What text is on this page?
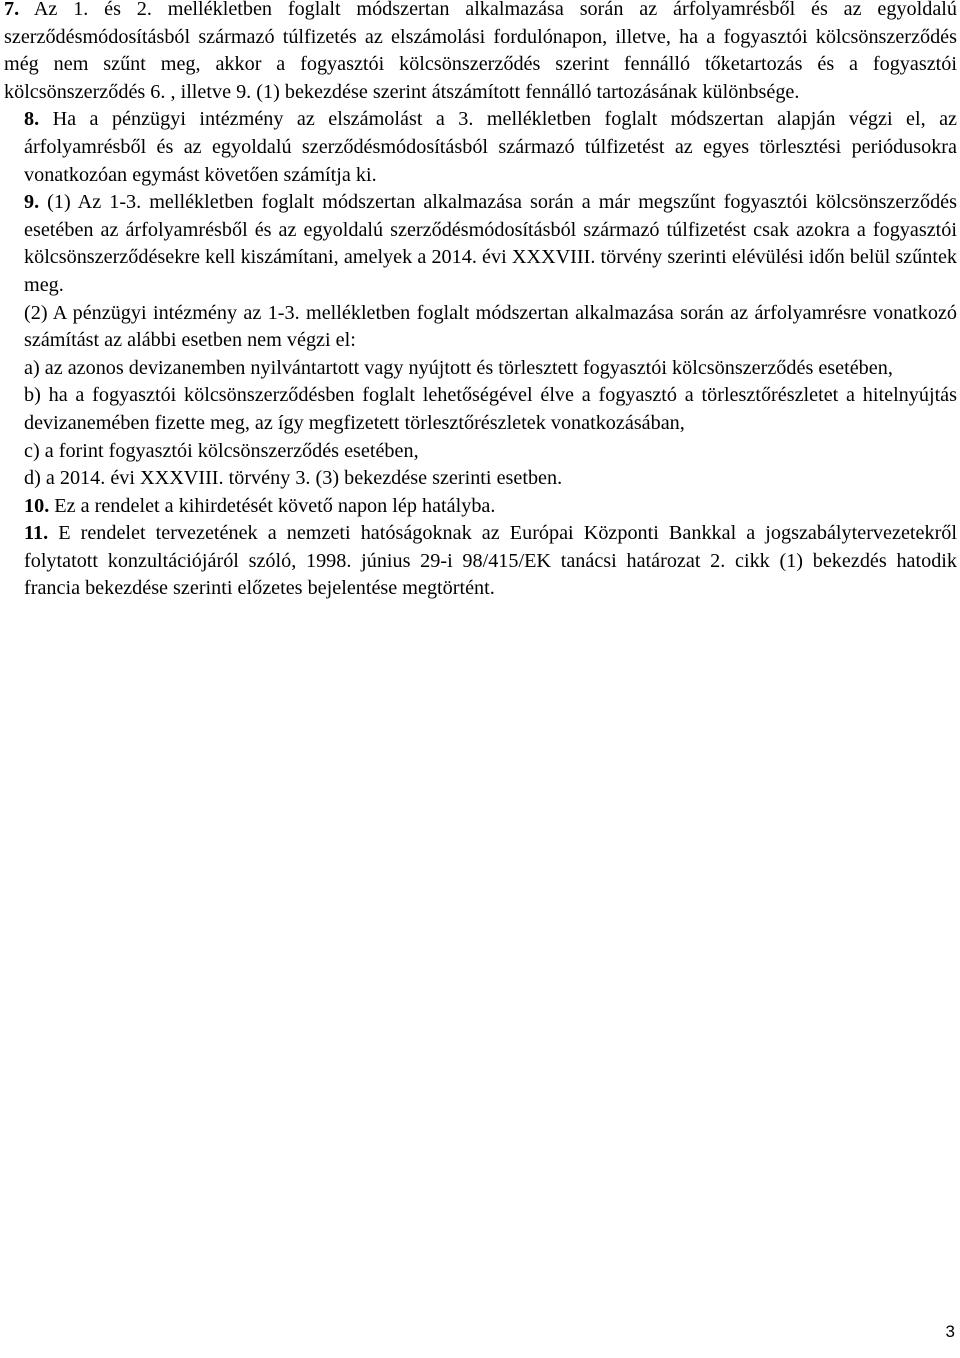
7. Az 1. és 2. mellékletben foglalt módszertan alkalmazása során az árfolyamrésből és az egyoldalú szerződésmódosításból származó túlfizetés az elszámolási fordulónapon, illetve, ha a fogyasztói kölcsönszerződés még nem szűnt meg, akkor a fogyasztói kölcsönszerződés szerint fennálló tőketartozás és a fogyasztói kölcsönszerződés 6. , illetve 9. (1) bekezdése szerint átszámított fennálló tartozásának különbsége.

8. Ha a pénzügyi intézmény az elszámolást a 3. mellékletben foglalt módszertan alapján végzi el, az árfolyamrésből és az egyoldalú szerződésmódosításból származó túlfizetést az egyes törlesztési periódusokra vonatkozóan egymást követően számítja ki.

9. (1) Az 1-3. mellékletben foglalt módszertan alkalmazása során a már megszűnt fogyasztói kölcsönszerződés esetében az árfolyamrésből és az egyoldalú szerződésmódosításból származó túlfizetést csak azokra a fogyasztói kölcsönszerződésekre kell kiszámítani, amelyek a 2014. évi XXXVIII. törvény szerinti elévülési időn belül szűntek meg.

(2) A pénzügyi intézmény az 1-3. mellékletben foglalt módszertan alkalmazása során az árfolyamrésre vonatkozó számítást az alábbi esetben nem végzi el:

a) az azonos devizanemben nyilvántartott vagy nyújtott és törlesztett fogyasztói kölcsönszerződés esetében,

b) ha a fogyasztói kölcsönszerződésben foglalt lehetőségével élve a fogyasztó a törlesztőrészletet a hitelnyújtás devizanemében fizette meg, az így megfizetett törlesztőrészletek vonatkozásában,

c) a forint fogyasztói kölcsönszerződés esetében,

d) a 2014. évi XXXVIII. törvény 3. (3) bekezdése szerinti esetben.

10. Ez a rendelet a kihirdetését követő napon lép hatályba.

11. E rendelet tervezetének a nemzeti hatóságoknak az Európai Központi Bankkal a jogszabálytervezetekről folytatott konzultációjáról szóló, 1998. június 29-i 98/415/EK tanácsi határozat 2. cikk (1) bekezdés hatodik francia bekezdése szerinti előzetes bejelentése megtörtént.

3
